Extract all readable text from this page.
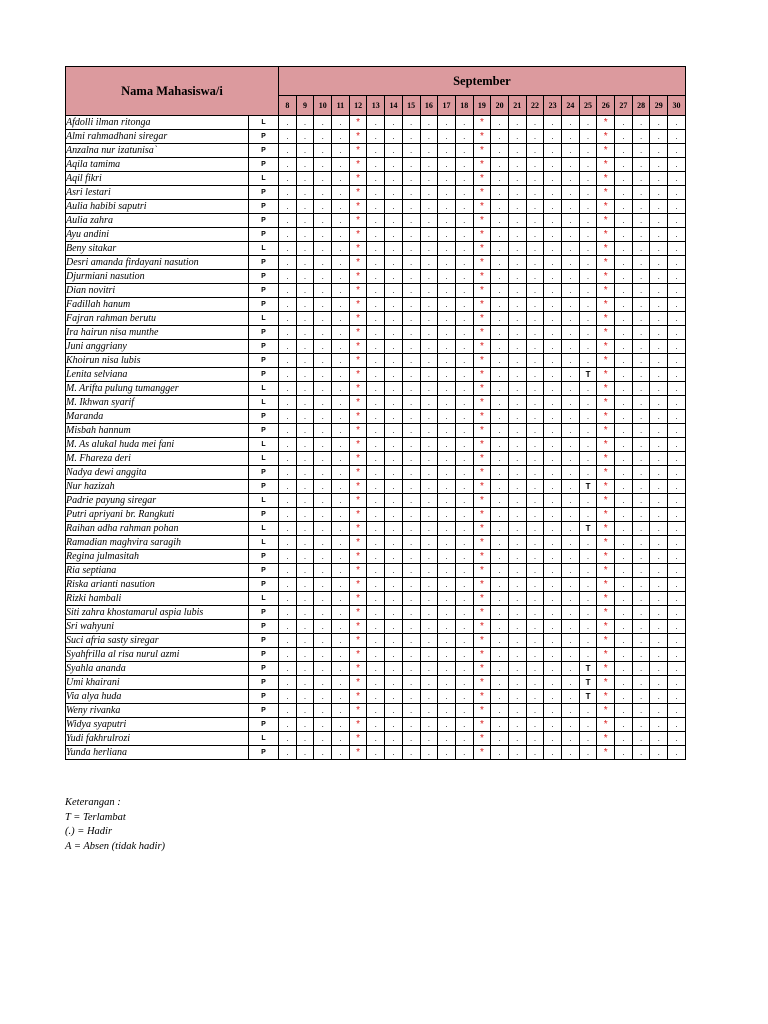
Nama Mahasiswa/i		September																						
		8	9	10	11	12	13	14	15	16	17	18	19	20	21	22	23	24	25	26	27	28	29	30
Afdolli ilman ritonga	L	.	.	.	.	*	.	.	.	.	.	.	*	.	.	.	.	.	.	*	.	.	.	.
Almi rahmadhani siregar	P	.	.	.	.	*	.	.	.	.	.	.	*	.	.	.	.	.	.	*	.	.	.	.
Anzalna nur izatunisa`	P	.	.	.	.	*	.	.	.	.	.	.	*	.	.	.	.	.	.	*	.	.	.	.
Aqila tamima	P	.	.	.	.	*	.	.	.	.	.	.	*	.	.	.	.	.	.	*	.	.	.	.
Aqil fikri	L	.	.	.	.	*	.	.	.	.	.	.	*	.	.	.	.	.	.	*	.	.	.	.
Asri lestari	P	.	.	.	.	*	.	.	.	.	.	.	*	.	.	.	.	.	.	*	.	.	.	.
Aulia habibi saputri	P	.	.	.	.	*	.	.	.	.	.	.	*	.	.	.	.	.	.	*	.	.	.	.
Aulia zahra	P	.	.	.	.	*	.	.	.	.	.	.	*	.	.	.	.	.	.	*	.	.	.	.
Ayu andini	P	.	.	.	.	*	.	.	.	.	.	.	*	.	.	.	.	.	.	*	.	.	.	.
Beny sitakar	L	.	.	.	.	*	.	.	.	.	.	.	*	.	.	.	.	.	.	*	.	.	.	.
Desri amanda firdayani nasution	P	.	.	.	.	*	.	.	.	.	.	.	*	.	.	.	.	.	.	*	.	.	.	.
Djurmiani nasution	P	.	.	.	.	*	.	.	.	.	.	.	*	.	.	.	.	.	.	*	.	.	.	.
Dian novitri	P	.	.	.	.	*	.	.	.	.	.	.	*	.	.	.	.	.	.	*	.	.	.	.
Fadillah hanum	P	.	.	.	.	*	.	.	.	.	.	.	*	.	.	.	.	.	.	*	.	.	.	.
Fajran rahman berutu	L	.	.	.	.	*	.	.	.	.	.	.	*	.	.	.	.	.	.	*	.	.	.	.
Ira hairun nisa munthe	P	.	.	.	.	*	.	.	.	.	.	.	*	.	.	.	.	.	.	*	.	.	.	.
Juni anggriany	P	.	.	.	.	*	.	.	.	.	.	.	*	.	.	.	.	.	.	*	.	.	.	.
Khoirun nisa lubis	P	.	.	.	.	*	.	.	.	.	.	.	*	.	.	.	.	.	.	*	.	.	.	.
Lenita selviana	P	.	.	.	.	*	.	.	.	.	.	.	*	.	.	.	.	.	T	*	.	.	.	.
M. Arifta pulung tumangger	L	.	.	.	.	*	.	.	.	.	.	.	*	.	.	.	.	.	.	*	.	.	.	.
M. Ikhwan syarif	L	.	.	.	.	*	.	.	.	.	.	.	*	.	.	.	.	.	.	*	.	.	.	.
Maranda	P	.	.	.	.	*	.	.	.	.	.	.	*	.	.	.	.	.	.	*	.	.	.	.
Misbah hannum	P	.	.	.	.	*	.	.	.	.	.	.	*	.	.	.	.	.	.	*	.	.	.	.
M. As alukal huda mei fani	L	.	.	.	.	*	.	.	.	.	.	.	*	.	.	.	.	.	.	*	.	.	.	.
M. Fhareza deri	L	.	.	.	.	*	.	.	.	.	.	.	*	.	.	.	.	.	.	*	.	.	.	.
Nadya dewi anggita	P	.	.	.	.	*	.	.	.	.	.	.	*	.	.	.	.	.	.	*	.	.	.	.
Nur hazizah	P	.	.	.	.	*	.	.	.	.	.	.	*	.	.	.	.	.	T	*	.	.	.	.
Padrie payung siregar	L	.	.	.	.	*	.	.	.	.	.	.	*	.	.	.	.	.	.	*	.	.	.	.
Putri apriyani br. Rangkuti	P	.	.	.	.	*	.	.	.	.	.	.	*	.	.	.	.	.	.	*	.	.	.	.
Raihan adha rahman pohan	L	.	.	.	.	*	.	.	.	.	.	.	*	.	.	.	.	.	T	*	.	.	.	.
Ramadian maghvira saragih	L	.	.	.	.	*	.	.	.	.	.	.	*	.	.	.	.	.	.	*	.	.	.	.
Regina julmasitah	P	.	.	.	.	*	.	.	.	.	.	.	*	.	.	.	.	.	.	*	.	.	.	.
Ria septiana	P	.	.	.	.	*	.	.	.	.	.	.	*	.	.	.	.	.	.	*	.	.	.	.
Riska arianti nasution	P	.	.	.	.	*	.	.	.	.	.	.	*	.	.	.	.	.	.	*	.	.	.	.
Rizki hambali	L	.	.	.	.	*	.	.	.	.	.	.	*	.	.	.	.	.	.	*	.	.	.	.
Siti zahra khostamarul aspia lubis	P	.	.	.	.	*	.	.	.	.	.	.	*	.	.	.	.	.	.	*	.	.	.	.
Sri wahyuni	P	.	.	.	.	*	.	.	.	.	.	.	*	.	.	.	.	.	.	*	.	.	.	.
Suci afria sasty siregar	P	.	.	.	.	*	.	.	.	.	.	.	*	.	.	.	.	.	.	*	.	.	.	.
Syahfrilla al risa nurul azmi	P	.	.	.	.	*	.	.	.	.	.	.	*	.	.	.	.	.	.	*	.	.	.	.
Syahla ananda	P	.	.	.	.	*	.	.	.	.	.	.	*	.	.	.	.	.	T	*	.	.	.	.
Umi khairani	P	.	.	.	.	*	.	.	.	.	.	.	*	.	.	.	.	.	T	*	.	.	.	.
Via alya huda	P	.	.	.	.	*	.	.	.	.	.	.	*	.	.	.	.	.	T	*	.	.	.	.
Weny rivanka	P	.	.	.	.	*	.	.	.	.	.	.	*	.	.	.	.	.	.	*	.	.	.	.
Widya syaputri	P	.	.	.	.	*	.	.	.	.	.	.	*	.	.	.	.	.	.	*	.	.	.	.
Yudi fakhrulrozi	L	.	.	.	.	*	.	.	.	.	.	.	*	.	.	.	.	.	.	*	.	.	.	.
Yunda herliana	P	.	.	.	.	*	.	.	.	.	.	.	*	.	.	.	.	.	.	*	.	.	.	.
Keterangan :
T = Terlambat
(.) = Hadir
A = Absen (tidak hadir)
